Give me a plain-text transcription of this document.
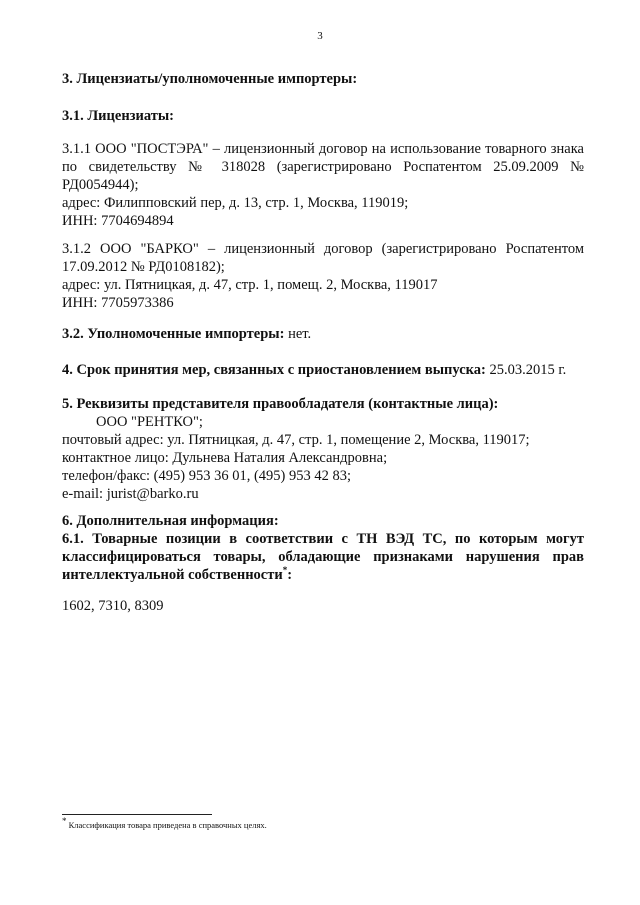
3
3. Лицензиаты/уполномоченные импортеры:
3.1. Лицензиаты:
3.1.1 ООО "ПОСТЭРА" – лицензионный договор на использование товарного знака по свидетельству № 318028 (зарегистрировано Роспатентом 25.09.2009 № РД0054944);
адрес: Филипповский пер, д. 13, стр. 1, Москва, 119019;
ИНН: 7704694894
3.1.2 ООО "БАРКО" – лицензионный договор (зарегистрировано Роспатентом 17.09.2012 № РД0108182);
адрес: ул. Пятницкая, д. 47, стр. 1, помещ. 2, Москва, 119017
ИНН: 7705973386
3.2. Уполномоченные импортеры: нет.
4. Срок принятия мер, связанных с приостановлением выпуска: 25.03.2015 г.
5. Реквизиты представителя правообладателя (контактные лица):
ООО "РЕНТКО";
почтовый адрес: ул. Пятницкая, д. 47, стр. 1, помещение 2, Москва, 119017;
контактное лицо: Дульнева Наталия Александровна;
телефон/факс: (495) 953 36 01, (495) 953 42 83;
e-mail: jurist@barko.ru
6. Дополнительная информация:
6.1. Товарные позиции в соответствии с ТН ВЭД ТС, по которым могут классифицироваться товары, обладающие признаками нарушения прав интеллектуальной собственности*:
1602, 7310, 8309
* Классификация товара приведена в справочных целях.
